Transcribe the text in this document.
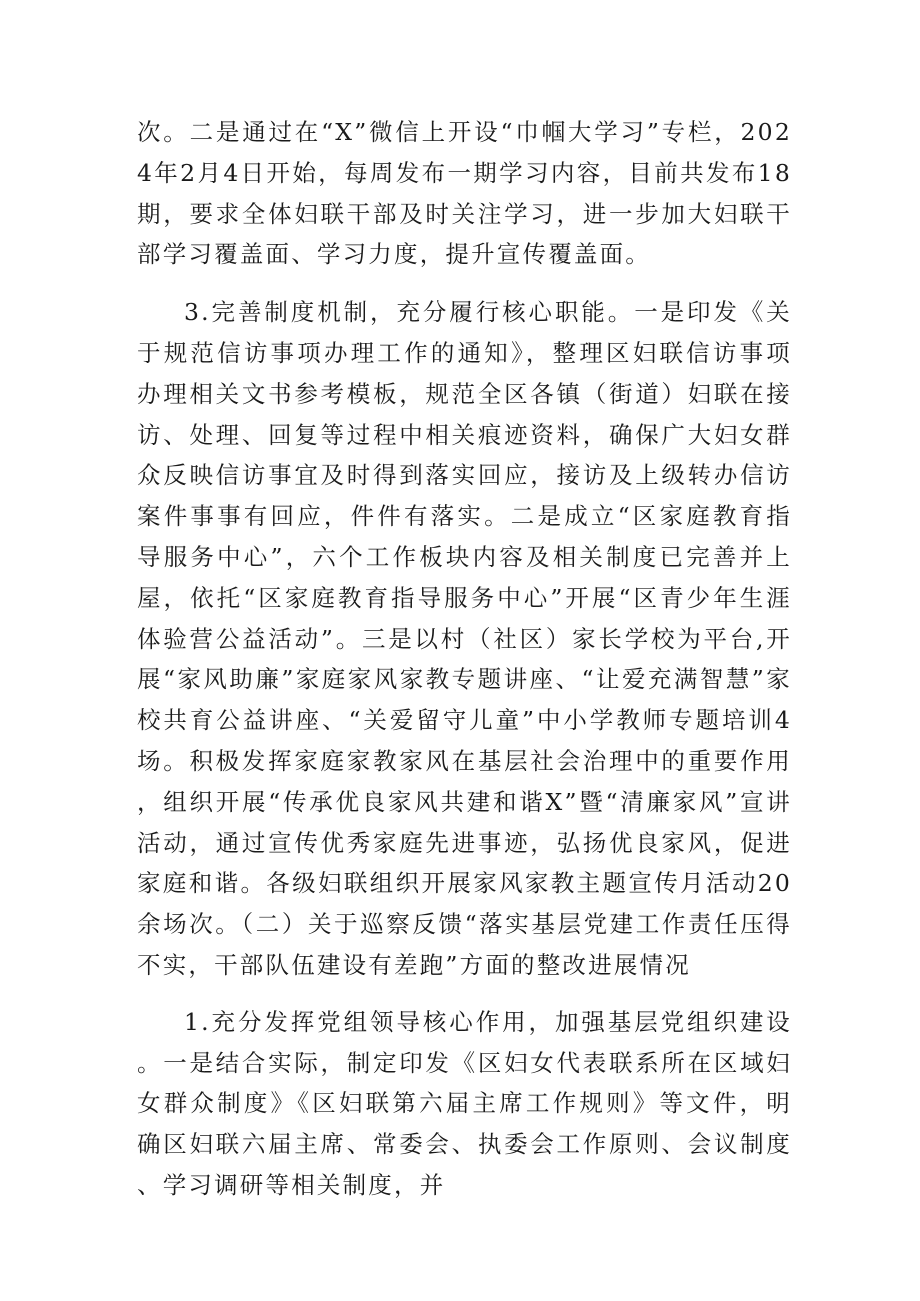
次。二是通过在“X”微信上开设“巾帼大学习”专栏，2024年2月4日开始，每周发布一期学习内容，目前共发布18期，要求全体妇联干部及时关注学习，进一步加大妇联干部学习覆盖面、学习力度，提升宣传覆盖面。

3.完善制度机制，充分履行核心职能。一是印发《关于规范信访事项办理工作的通知》，整理区妇联信访事项办理相关文书参考模板，规范全区各镇（街道）妇联在接访、处理、回复等过程中相关痕迹资料，确保广大妇女群众反映信访事宜及时得到落实回应，接访及上级转办信访案件事事有回应，件件有落实。二是成立“区家庭教育指导服务中心”，六个工作板块内容及相关制度已完善并上屋，依托“区家庭教育指导服务中心”开展“区青少年生涯体验营公益活动”。三是以村（社区）家长学校为平台,开展“家风助廉”家庭家风家教专题讲座、“让爱充满智慧”家校共育公益讲座、“关爱留守儿童”中小学教师专题培训4场。积极发挥家庭家教家风在基层社会治理中的重要作用，组织开展“传承优良家风共建和谐X”暨“清廉家风”宣讲活动，通过宣传优秀家庭先进事迹，弘扬优良家风，促进家庭和谐。各级妇联组织开展家风家教主题宣传月活动20余场次。（二）关于巡察反馈“落实基层党建工作责任压得不实，干部队伍建设有差跑”方面的整改进展情况

1.充分发挥党组领导核心作用，加强基层党组织建设。一是结合实际，制定印发《区妇女代表联系所在区域妇女群众制度》《区妇联第六届主席工作规则》等文件，明确区妇联六届主席、常委会、执委会工作原则、会议制度、学习调研等相关制度，并
